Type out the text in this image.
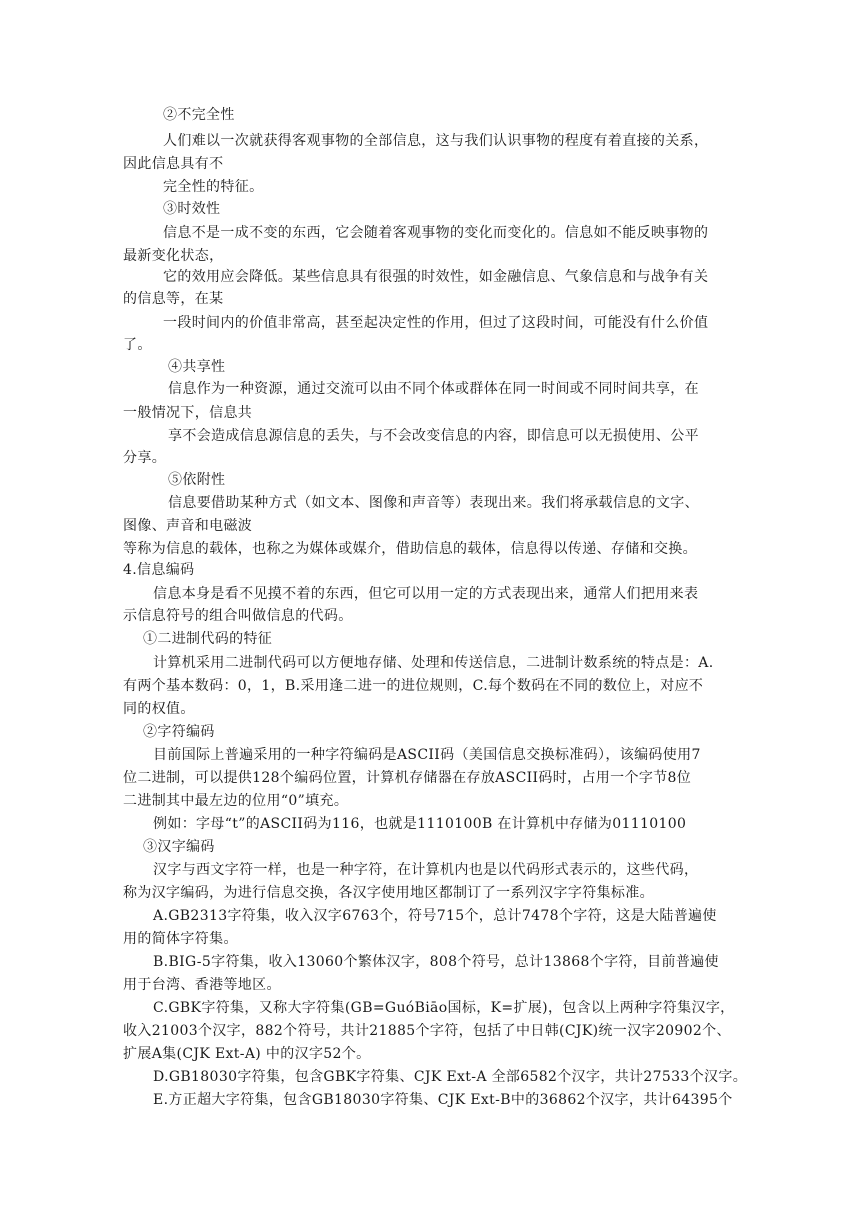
②不完全性
人们难以一次就获得客观事物的全部信息，这与我们认识事物的程度有着直接的关系，
因此信息具有不
完全性的特征。
③时效性
信息不是一成不变的东西，它会随着客观事物的变化而变化的。信息如不能反映事物的
最新变化状态，
它的效用应会降低。某些信息具有很强的时效性，如金融信息、气象信息和与战争有关
的信息等，在某
一段时间内的价值非常高，甚至起决定性的作用，但过了这段时间，可能没有什么价值
了。
④共享性
信息作为一种资源，通过交流可以由不同个体或群体在同一时间或不同时间共享，在
一般情况下，信息共
享不会造成信息源信息的丢失，与不会改变信息的内容，即信息可以无损使用、公平
分享。
⑤依附性
信息要借助某种方式（如文本、图像和声音等）表现出来。我们将承载信息的文字、
图像、声音和电磁波
等称为信息的载体，也称之为媒体或媒介，借助信息的载体，信息得以传递、存储和交换。
4.信息编码
信息本身是看不见摸不着的东西，但它可以用一定的方式表现出来，通常人们把用来表
示信息符号的组合叫做信息的代码。
①二进制代码的特征
计算机采用二进制代码可以方便地存储、处理和传送信息，二进制计数系统的特点是：A.
有两个基本数码：0，1，B.采用逢二进一的进位规则，C.每个数码在不同的数位上，对应不
同的权值。
②字符编码
目前国际上普遍采用的一种字符编码是ASCII码（美国信息交换标准码），该编码使用7
位二进制，可以提供128个编码位置，计算机存储器在存放ASCII码时，占用一个字节8位
二进制其中最左边的位用“0”填充。
例如：字母“t”的ASCII码为116，也就是1110100B 在计算机中存储为01110100
③汉字编码
汉字与西文字符一样，也是一种字符，在计算机内也是以代码形式表示的，这些代码，
称为汉字编码，为进行信息交换，各汉字使用地区都制订了一系列汉字字符集标准。
A.GB2313字符集，收入汉字6763个，符号715个，总计7478个字符，这是大陆普遍使
用的简体字符集。
B.BIG-5字符集，收入13060个繁体汉字，808个符号，总计13868个字符，目前普遍使
用于台湾、香港等地区。
C.GBK字符集，又称大字符集(GB=GuóBiāo国标，K=扩展)，包含以上两种字符集汉字，
收入21003个汉字，882个符号，共计21885个字符，包括了中日韩(CJK)统一汉字20902个、
扩展A集(CJK Ext-A) 中的汉字52个。
D.GB18030字符集，包含GBK字符集、CJK Ext-A 全部6582个汉字，共计27533个汉字。
E.方正超大字符集，包含GB18030字符集、CJK Ext-B中的36862个汉字，共计64395个
